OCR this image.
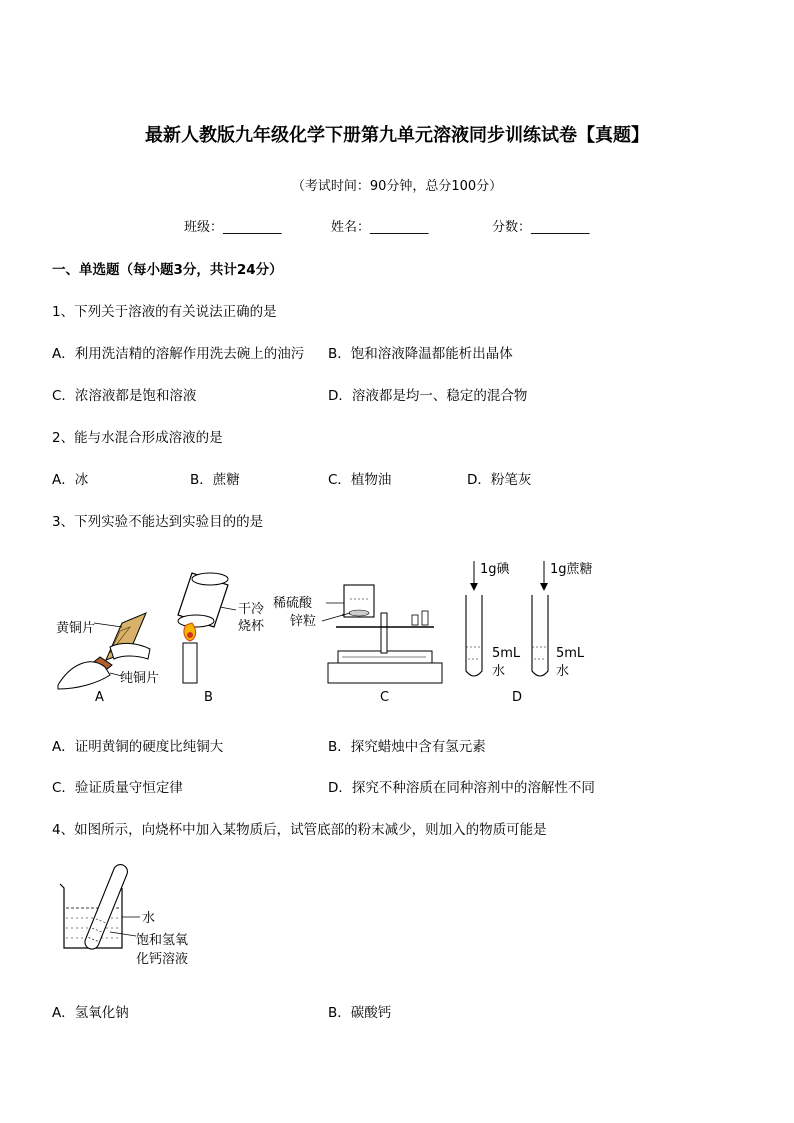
最新人教版九年级化学下册第九单元溶液同步训练试卷【真题】
（考试时间：90分钟，总分100分）
班级：_________	姓名：_________	分数：_________
一、单选题（每小题3分，共计24分）
1、下列关于溶液的有关说法正确的是
A．利用洗洁精的溶解作用洗去碗上的油污 B．饱和溶液降温都能析出晶体
C．浓溶液都是饱和溶液	D．溶液都是均一、稳定的混合物
2、能与水混合形成溶液的是
A．冰	B．蔗糖	C．植物油	D．粉笔灰
3、下列实验不能达到实验目的的是
黄铜片
纯铜片
A
干冷
烧杯
B
稀硫酸
锌粒
C
1g碘
5mL
水
1g蔗糖
5mL
水
D
A．证明黄铜的硬度比纯铜大	B．探究蜡烛中含有氢元素
C．验证质量守恒定律	D．探究不种溶质在同种溶剂中的溶解性不同
4、如图所示，向烧杯中加入某物质后，试管底部的粉末减少，则加入的物质可能是
水
饱和氢氧
化钙溶液
A．氢氧化钠	B．碳酸钙
